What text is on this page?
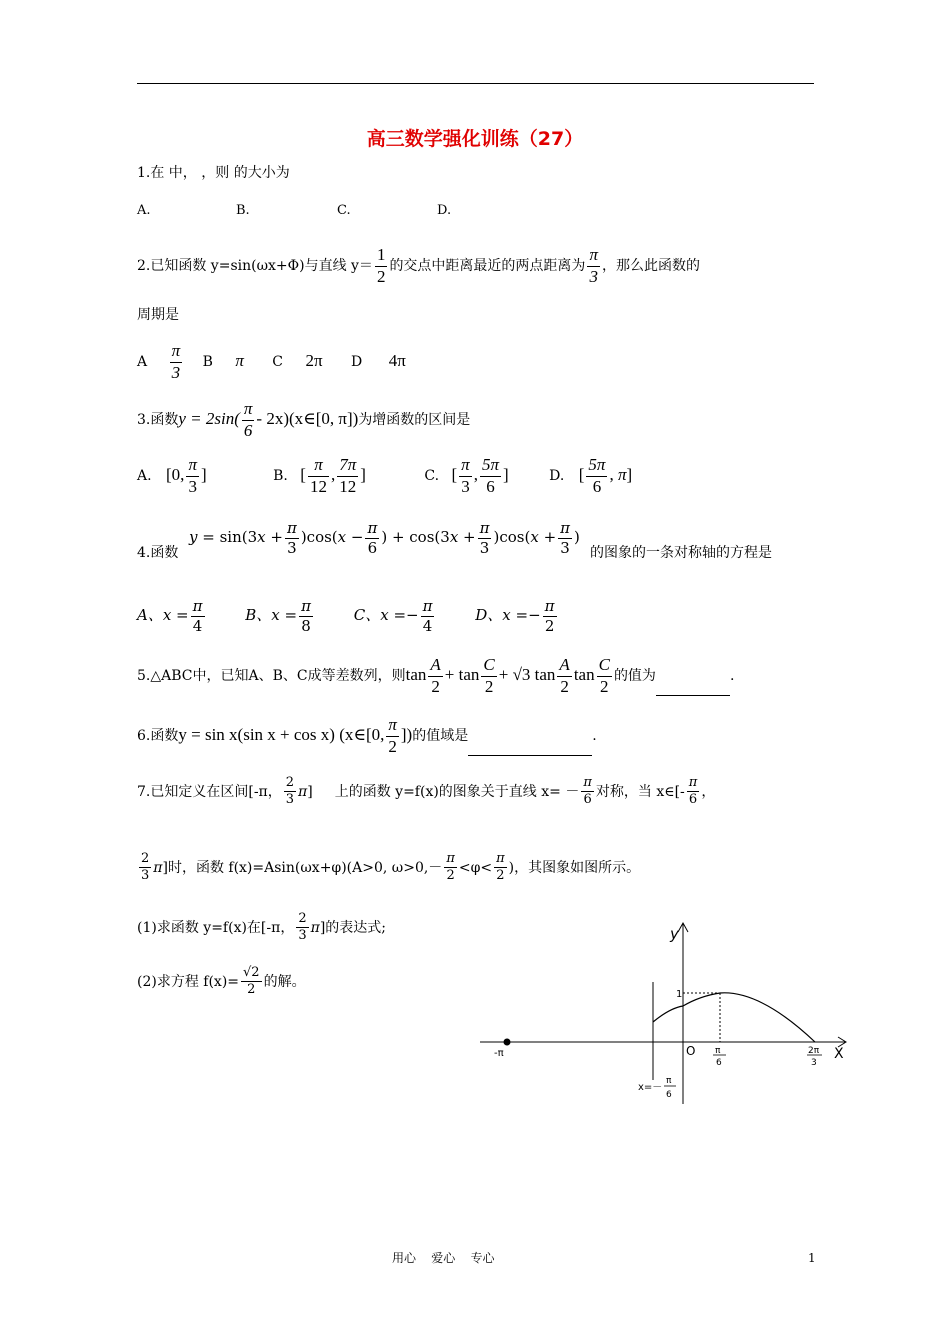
高三数学强化训练（27）
1.在 中， ，则 的大小为
A.	B.	C.	D.
2.已知函数 y=sin(ωx+Φ)与直线 $y= \frac{1}{2}$ 的交点中距离最近的两点距离为 $\frac{\pi}{3}$ ，那么此函数的
周期是
A $\frac{\pi}{3}$ B π C 2π D 4π
3.函数$y = 2\sin( \frac{\pi}{6}$ - 2x)(x∈[0, π])为增函数的区间是
A. [0, $\frac{\pi}{3}$ ]	B. [ $\frac{\pi}{12}$ , $\frac{7\pi}{12}$ ]	C. [ $\frac{\pi}{3}$ , $\frac{5\pi}{6}$ ]	D. [ $\frac{5\pi}{6}$ , π]
4.函数
$y = \sin(3x + \frac{\pi}{3} )\cos(x - \frac{\pi}{6}$ ) + $\cos(3x + \frac{\pi}{3} )\cos(x + \frac{\pi}{3}$ )
的图象的一条对称轴的方程是
A、$x = \frac{\pi}{4}$	B、$x = \frac{\pi}{8}$	C、$x =- \frac{\pi}{4}$	D、$x =- \frac{\pi}{2}$
5.△ABC中，已知A、B、C成等差数列，则$\tan \frac{A}{2} + \tan \frac{C}{2} + √3$ $\tan \frac{A}{2}$ $\tan \frac{C}{2}$ 的值为	.
6.函数y = sin x(sin x + cos x) (x∈[0, $\frac{\pi}{2}$ ])的值域是	.
7.已知定义在区间[-π， $\frac{2}{3} \pi$] 上的函数 y=f(x)的图象关于直线 $x= - \frac{\pi}{6}$ 对称，当 x∈[- $\frac{\pi}{6}$ ，
$\frac{2}{3} \pi$]时，函数 f(x)=Asin(ωx+φ)(A>0, $\omega>0,- \frac{\pi}{2} <\varphi< \frac{\pi}{2}$ )，其图象如图所示。
(1)求函数 y=f(x)在[-π， $\frac{2}{3} \pi$]的表达式;
(2)求方程 $f(x)= \frac{√2}{2}$ 的解。
-π
y
X
O
1
π
6
2π
3
x=－
π
6
用心    爱心    专心	1
